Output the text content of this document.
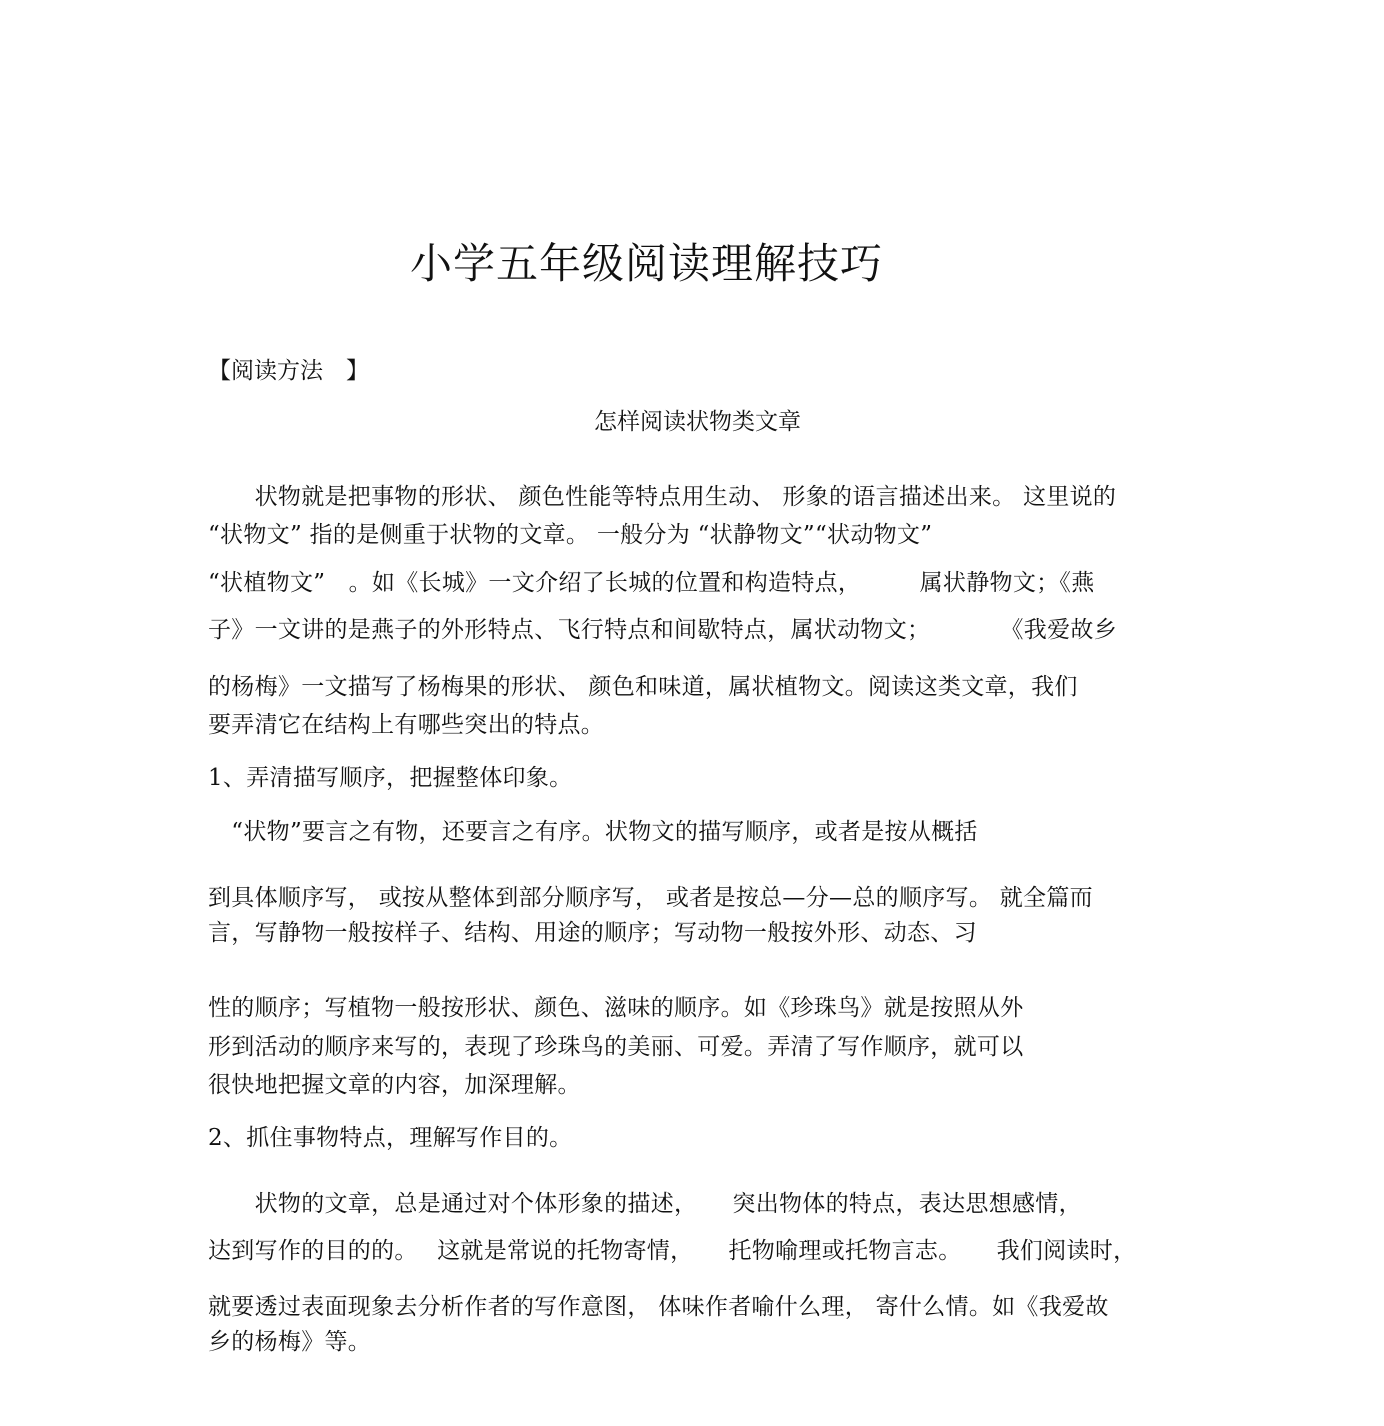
小学五年级阅读理解技巧
【阅读方法　】
怎样阅读状物类文章
　　状物就是把事物的形状、 颜色性能等特点用生动、 形象的语言描述出来。 这里说的
“状物文” 指的是侧重于状物的文章。 一般分为 “状静物文”“状动物文”
“状植物文”　。如《长城》一文介绍了长城的位置和构造特点，　　　属状静物文；《燕
子》一文讲的是燕子的外形特点、飞行特点和间歇特点，属状动物文；　　　　《我爱故乡
的杨梅》一文描写了杨梅果的形状、 颜色和味道，属状植物文。阅读这类文章，我们
要弄清它在结构上有哪些突出的特点。
1、弄清描写顺序，把握整体印象。
　“状物”要言之有物，还要言之有序。状物文的描写顺序，或者是按从概括
到具体顺序写， 或按从整体到部分顺序写， 或者是按总—分—总的顺序写。 就全篇而
言，写静物一般按样子、结构、用途的顺序；写动物一般按外形、动态、习
性的顺序；写植物一般按形状、颜色、滋味的顺序。如《珍珠鸟》就是按照从外
形到活动的顺序来写的，表现了珍珠鸟的美丽、可爱。弄清了写作顺序，就可以
很快地把握文章的内容，加深理解。
2、抓住事物特点，理解写作目的。
　　状物的文章，总是通过对个体形象的描述，　　突出物体的特点，表达思想感情，
达到写作的目的的。　 这就是常说的托物寄情，　　托物喻理或托物言志。　　我们阅读时，
就要透过表面现象去分析作者的写作意图， 体味作者喻什么理， 寄什么情。如《我爱故
乡的杨梅》等。
